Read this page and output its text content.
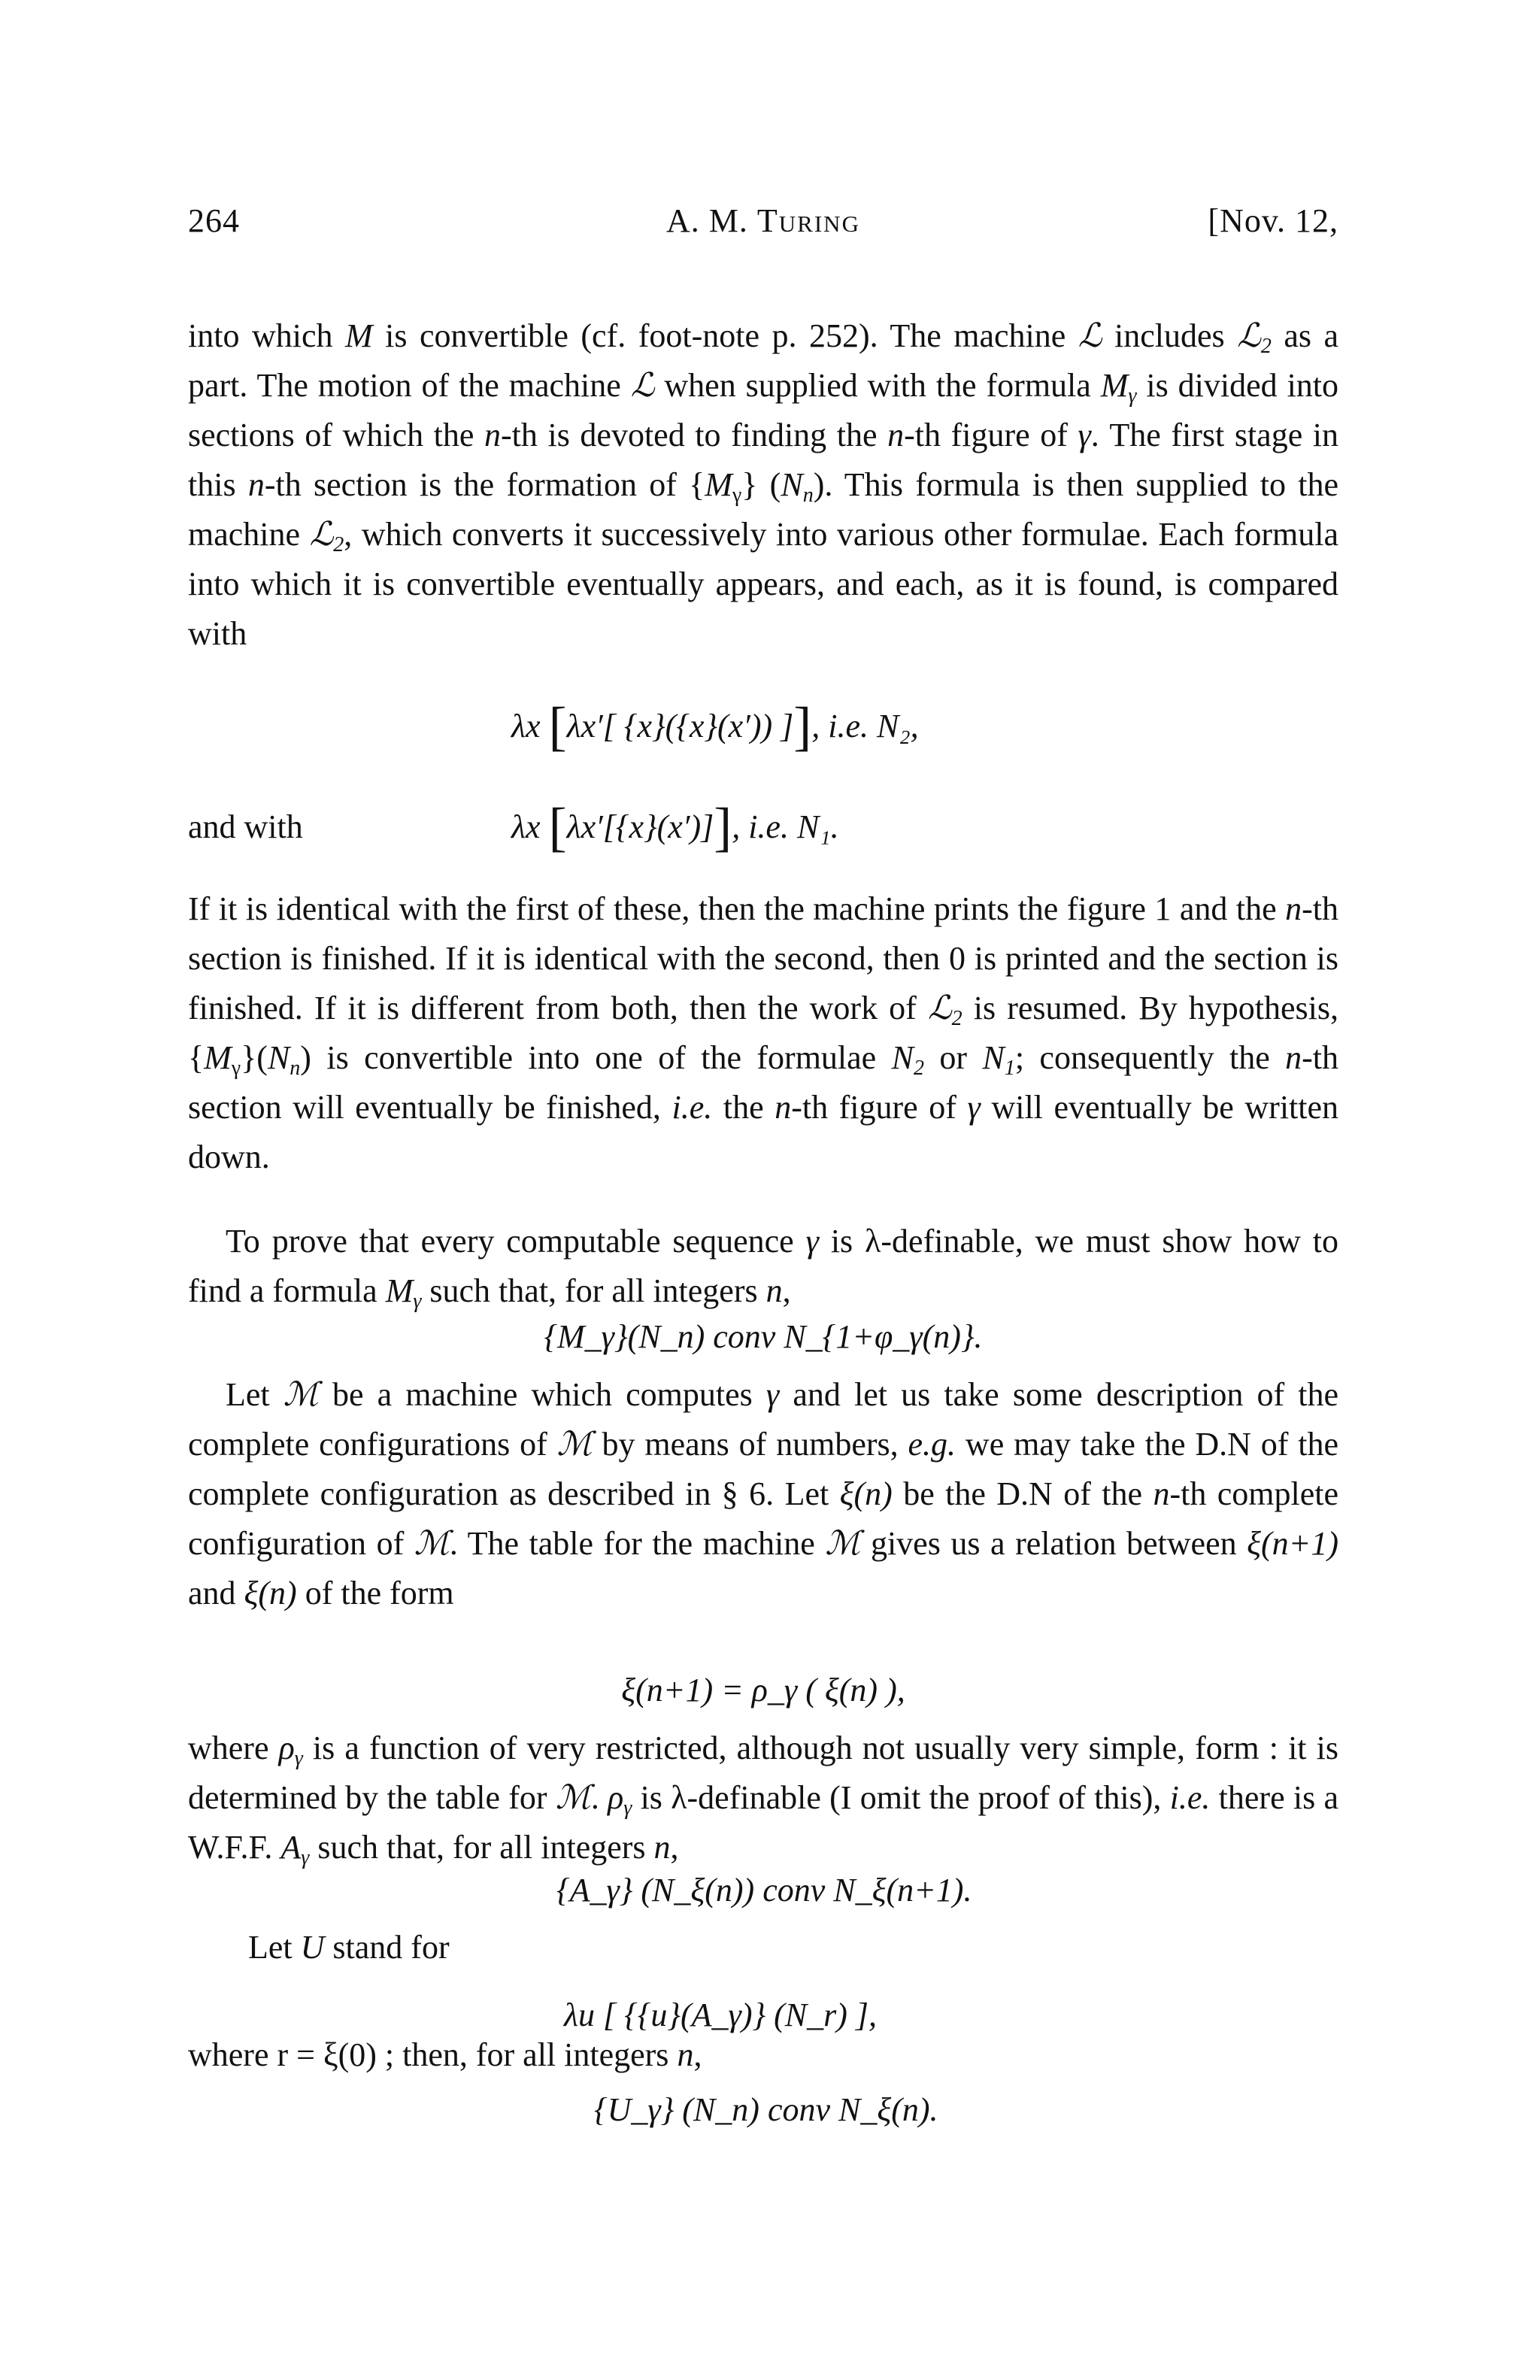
264	A. M. Turing	[Nov. 12,

into which M is convertible (cf. foot-note p. 252). The machine ℒ includes ℒ$_2$ as a part. The motion of the machine ℒ when supplied with the formula $M_\gamma$ is divided into sections of which the n-th is devoted to finding the n-th figure of γ. The first stage in this n-th section is the formation of $\{M_\gamma\}$ $(N_n)$. This formula is then supplied to the machine ℒ$_2$, which converts it successively into various other formulae. Each formula into which it is convertible eventually appears, and each, as it is found, is compared with

λx [λx′[ {x}({x}(x′)) ]], i.e. N₂,
and with	λx [λx′[{x}(x′)]], i.e. N₁.

If it is identical with the first of these, then the machine prints the figure 1 and the n-th section is finished. If it is identical with the second, then 0 is printed and the section is finished. If it is different from both, then the work of ℒ$_2$ is resumed. By hypothesis, $\{M_\gamma\}(N_n)$ is convertible into one of the formulae $N_2$ or $N_1$; consequently the n-th section will eventually be finished, i.e. the n-th figure of γ will eventually be written down.

To prove that every computable sequence γ is λ-definable, we must show how to find a formula $M_\gamma$ such that, for all integers n,

{M_γ}(N_n) conv N_{1+φ_γ(n)}.

Let ℳ be a machine which computes γ and let us take some description of the complete configurations of ℳ by means of numbers, e.g. we may take the D.N of the complete configuration as described in § 6. Let ξ(n) be the D.N of the n-th complete configuration of ℳ. The table for the machine ℳ gives us a relation between ξ(n+1) and ξ(n) of the form

ξ(n+1) = ρ_γ ( ξ(n) ),

where $\rho_\gamma$ is a function of very restricted, although not usually very simple, form : it is determined by the table for ℳ. $\rho_\gamma$ is λ-definable (I omit the proof of this), i.e. there is a W.F.F. $A_\gamma$ such that, for all integers n,

{A_γ} (N_ξ(n)) conv N_ξ(n+1).
Let U stand for
λu [ {{u}(A_γ)} (N_r) ],

where r = ξ(0) ; then, for all integers n,

{U_γ} (N_n) conv N_ξ(n).
